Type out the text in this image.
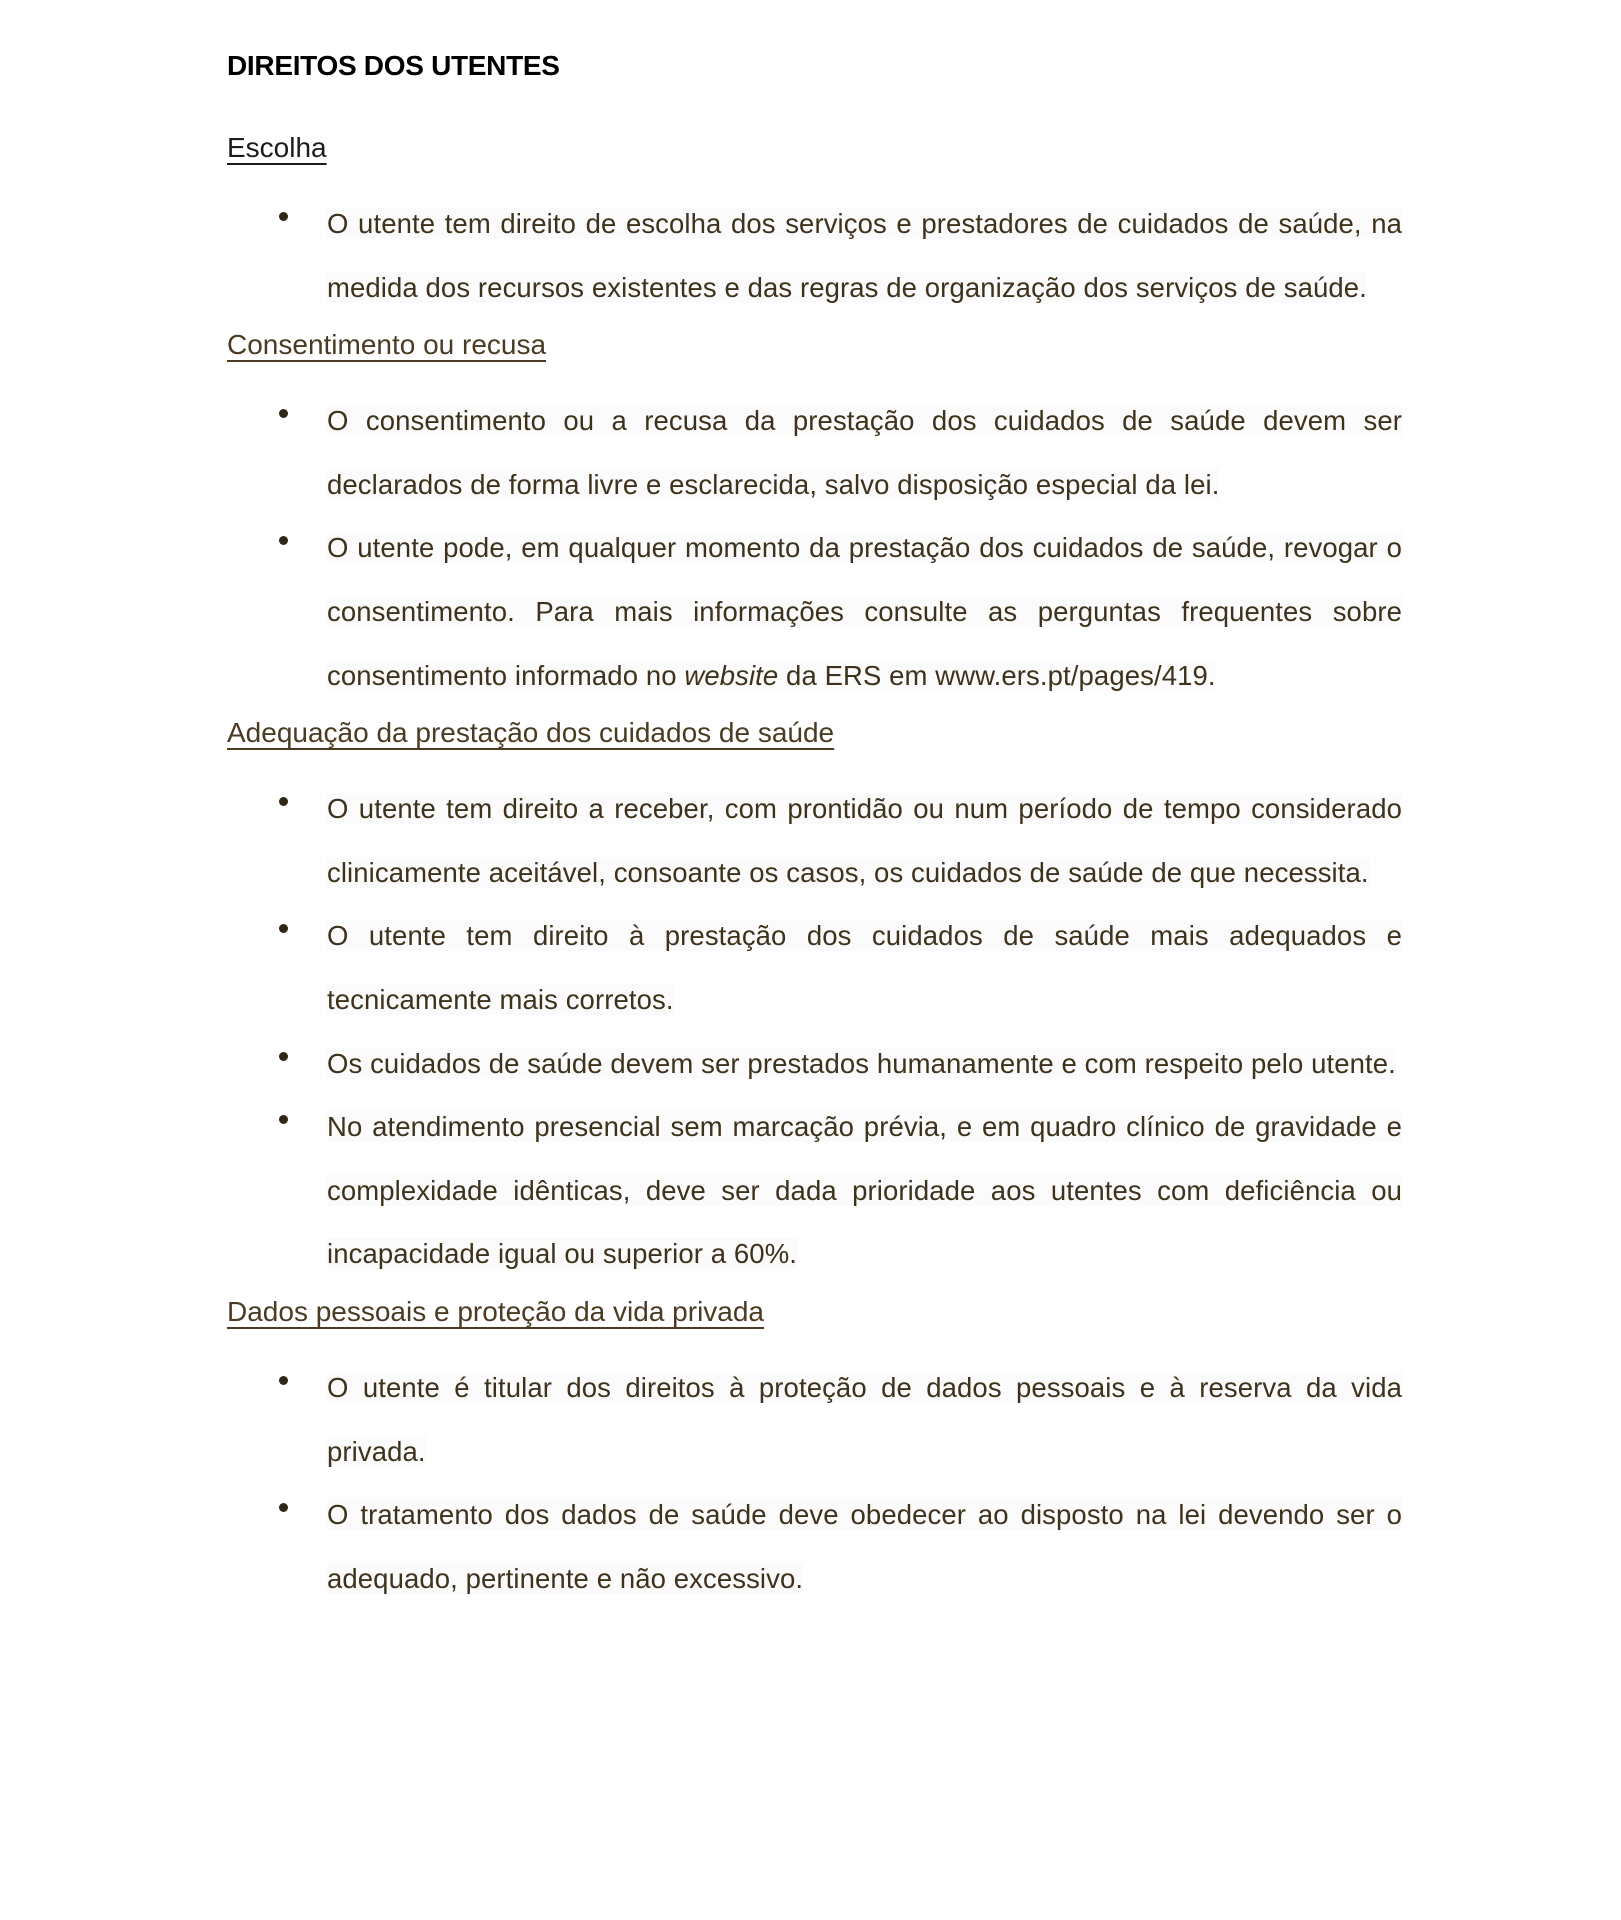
DIREITOS DOS UTENTES
Escolha

O utente tem direito de escolha dos serviços e prestadores de cuidados de saúde, na medida dos recursos existentes e das regras de organização dos serviços de saúde.

Consentimento ou recusa

O consentimento ou a recusa da prestação dos cuidados de saúde devem ser declarados de forma livre e esclarecida, salvo disposição especial da lei.

O utente pode, em qualquer momento da prestação dos cuidados de saúde, revogar o consentimento. Para mais informações consulte as perguntas frequentes sobre consentimento informado no website da ERS em www.ers.pt/pages/419.

Adequação da prestação dos cuidados de saúde

O utente tem direito a receber, com prontidão ou num período de tempo considerado clinicamente aceitável, consoante os casos, os cuidados de saúde de que necessita.

O utente tem direito à prestação dos cuidados de saúde mais adequados e tecnicamente mais corretos.

Os cuidados de saúde devem ser prestados humanamente e com respeito pelo utente.

No atendimento presencial sem marcação prévia, e em quadro clínico de gravidade e complexidade idênticas, deve ser dada prioridade aos utentes com deficiência ou incapacidade igual ou superior a 60%.

Dados pessoais e proteção da vida privada

O utente é titular dos direitos à proteção de dados pessoais e à reserva da vida privada.

O tratamento dos dados de saúde deve obedecer ao disposto na lei devendo ser o adequado, pertinente e não excessivo.
